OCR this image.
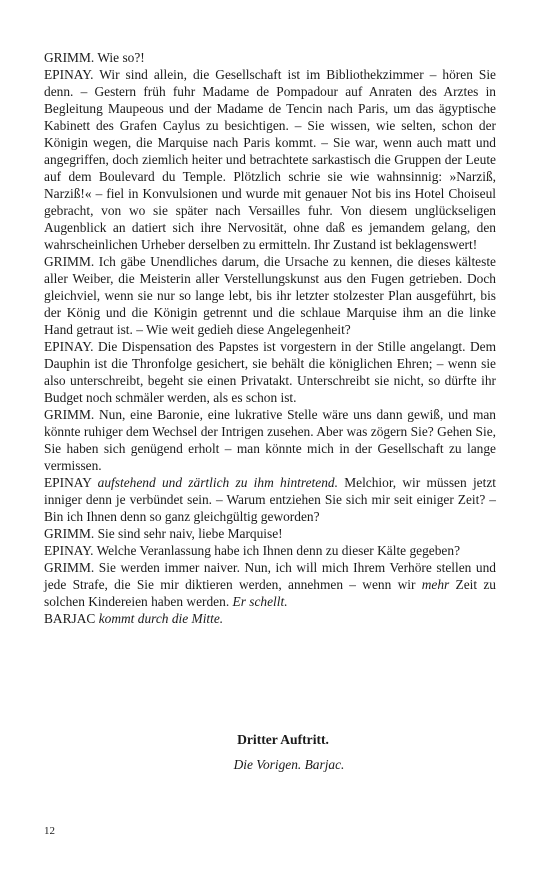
GRIMM. Wie so?!

EPINAY. Wir sind allein, die Gesellschaft ist im Bibliothekzimmer – hören Sie denn. – Gestern früh fuhr Madame de Pompadour auf Anraten des Arztes in Begleitung Maupeous und der Madame de Tencin nach Paris, um das ägyptische Kabinett des Grafen Caylus zu besichtigen. – Sie wissen, wie selten, schon der Königin wegen, die Marquise nach Paris kommt. – Sie war, wenn auch matt und angegriffen, doch ziemlich heiter und betrachtete sarkastisch die Gruppen der Leute auf dem Boulevard du Temple. Plötzlich schrie sie wie wahnsinnig: »Narziß, Narziß!« – fiel in Konvulsionen und wurde mit genauer Not bis ins Hotel Choiseul gebracht, von wo sie später nach Versailles fuhr. Von diesem unglückseligen Augenblick an datiert sich ihre Nervosität, ohne daß es jemandem gelang, den wahrscheinlichen Urheber derselben zu ermitteln. Ihr Zustand ist beklagenswert!

GRIMM. Ich gäbe Unendliches darum, die Ursache zu kennen, die dieses kälteste aller Weiber, die Meisterin aller Verstellungskunst aus den Fugen getrieben. Doch gleichviel, wenn sie nur so lange lebt, bis ihr letzter stolzester Plan ausgeführt, bis der König und die Königin getrennt und die schlaue Marquise ihm an die linke Hand getraut ist. – Wie weit gedieh diese Angelegenheit?

EPINAY. Die Dispensation des Papstes ist vorgestern in der Stille angelangt. Dem Dauphin ist die Thronfolge gesichert, sie behält die königlichen Ehren; – wenn sie also unterschreibt, begeht sie einen Privatakt. Unterschreibt sie nicht, so dürfte ihr Budget noch schmäler werden, als es schon ist.

GRIMM. Nun, eine Baronie, eine lukrative Stelle wäre uns dann gewiß, und man könnte ruhiger dem Wechsel der Intrigen zusehen. Aber was zögern Sie? Gehen Sie, Sie haben sich genügend erholt – man könnte mich in der Gesellschaft zu lange vermissen.

EPINAY aufstehend und zärtlich zu ihm hintretend. Melchior, wir müssen jetzt inniger denn je verbündet sein. – Warum entziehen Sie sich mir seit einiger Zeit? – Bin ich Ihnen denn so ganz gleichgültig geworden?

GRIMM. Sie sind sehr naiv, liebe Marquise!

EPINAY. Welche Veranlassung habe ich Ihnen denn zu dieser Kälte gegeben?

GRIMM. Sie werden immer naiver. Nun, ich will mich Ihrem Verhöre stellen und jede Strafe, die Sie mir diktieren werden, annehmen – wenn wir mehr Zeit zu solchen Kindereien haben werden. Er schellt.

BARJAC kommt durch die Mitte.

Dritter Auftritt.
Die Vorigen. Barjac.
12
